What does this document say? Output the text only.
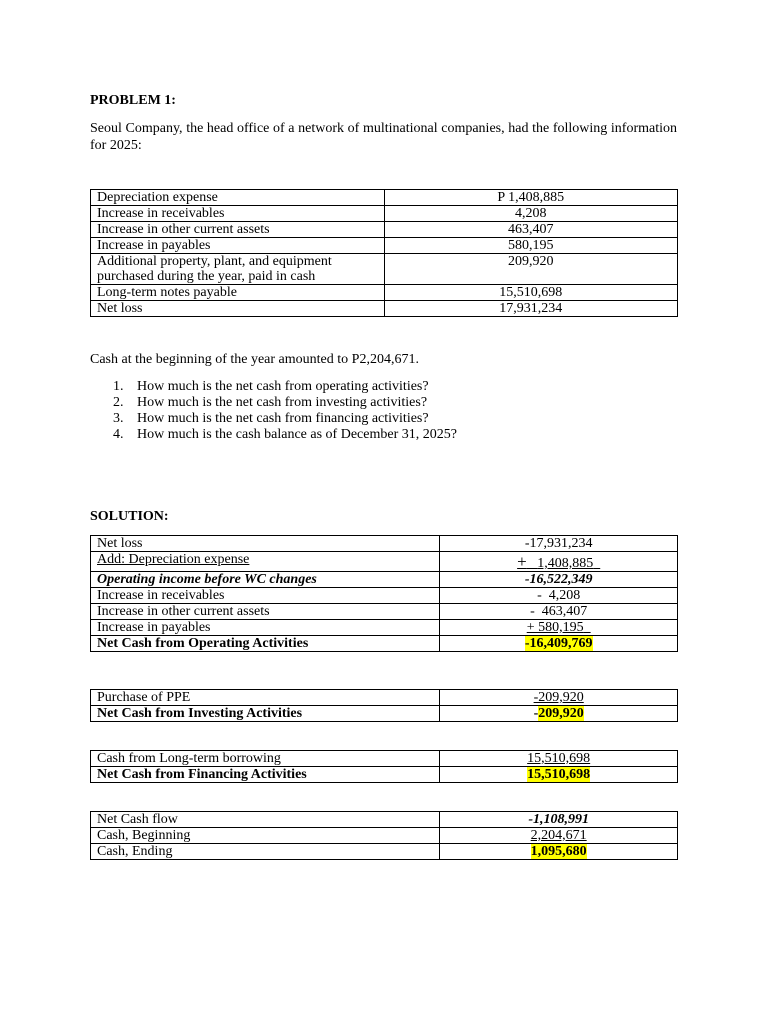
PROBLEM 1:
Seoul Company, the head office of a network of multinational companies, had the following information for 2025:
Depreciation expense	P 1,408,885
Increase in receivables	4,208
Increase in other current assets	463,407
Increase in payables	580,195
Additional property, plant, and equipment purchased during the year, paid in cash	209,920
Long-term notes payable	15,510,698
Net loss	17,931,234
Cash at the beginning of the year amounted to P2,204,671.
1. How much is the net cash from operating activities?
2. How much is the net cash from investing activities?
3. How much is the net cash from financing activities?
4. How much is the cash balance as of December 31, 2025?
SOLUTION:
Net loss	-17,931,234
Add: Depreciation expense	+ 1,408,885
Operating income before WC changes	-16,522,349
Increase in receivables	-  4,208
Increase in other current assets	-  463,407
Increase in payables	+ 580,195
Net Cash from Operating Activities	-16,409,769
Purchase of PPE	-209,920
Net Cash from Investing Activities	-209,920
Cash from Long-term borrowing	15,510,698
Net Cash from Financing Activities	15,510,698
Net Cash flow	-1,108,991
Cash, Beginning	2,204,671
Cash, Ending	1,095,680
